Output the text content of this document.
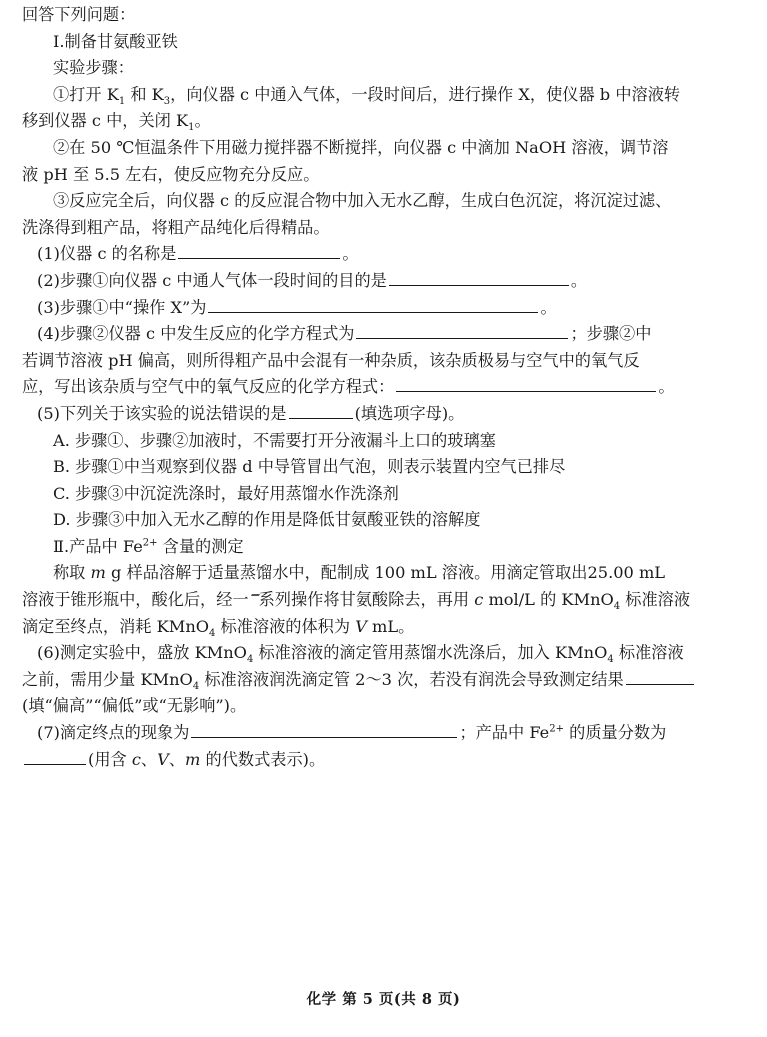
回答下列问题：
Ⅰ.制备甘氨酸亚铁
实验步骤：
①打开 $K_1$ 和 $K_3$，向仪器 c 中通入气体，一段时间后，进行操作 X，使仪器 b 中溶液转
移到仪器 c 中，关闭 $K_1$。
②在 50 ℃恒温条件下用磁力搅拌器不断搅拌，向仪器 c 中滴加 NaOH 溶液，调节溶
液 pH 至 5.5 左右，使反应物充分反应。
③反应完全后，向仪器 c 的反应混合物中加入无水乙醇，生成白色沉淀，将沉淀过滤、
洗涤得到粗产品，将粗产品纯化后得精品。
(1)仪器 c 的名称是	。
(2)步骤①向仪器 c 中通人气体一段时间的目的是	。
(3)步骤①中“操作 X”为	。
(4)步骤②仪器 c 中发生反应的化学方程式为	；步骤②中
若调节溶液 pH 偏高，则所得粗产品中会混有一种杂质，该杂质极易与空气中的氧气反
应，写出该杂质与空气中的氧气反应的化学方程式：	。
(5)下列关于该实验的说法错误的是	(填选项字母)。
A. 步骤①、步骤②加液时，不需要打开分液漏斗上口的玻璃塞
B. 步骤①中当观察到仪器 d 中导管冒出气泡，则表示装置内空气已排尽
C. 步骤③中沉淀洗涤时，最好用蒸馏水作洗涤剂
D. 步骤③中加入无水乙醇的作用是降低甘氨酸亚铁的溶解度
Ⅱ.产品中 $Fe^{2+}$ 含量的测定
称取 m g 样品溶解于适量蒸馏水中，配制成 100 mL 溶液。用滴定管取出25.00 mL
溶液于锥形瓶中，酸化后，经一 系列操作将甘氨酸除去，再用 c mol/L 的 KMnO$_4$ 标准溶液
滴定至终点，消耗 KMnO$_4$ 标准溶液的体积为 V mL。
(6)测定实验中，盛放 KMnO$_4$ 标准溶液的滴定管用蒸馏水洗涤后，加入 KMnO$_4$ 标准溶液
之前，需用少量 KMnO$_4$ 标准溶液润洗滴定管 2～3 次，若没有润洗会导致测定结果
(填“偏高”“偏低”或“无影响”)。
(7)滴定终点的现象为	；产品中 $Fe^{2+}$ 的质量分数为
(用含 c、V、m 的代数式表示)。
化学 第 5 页(共 8 页)
